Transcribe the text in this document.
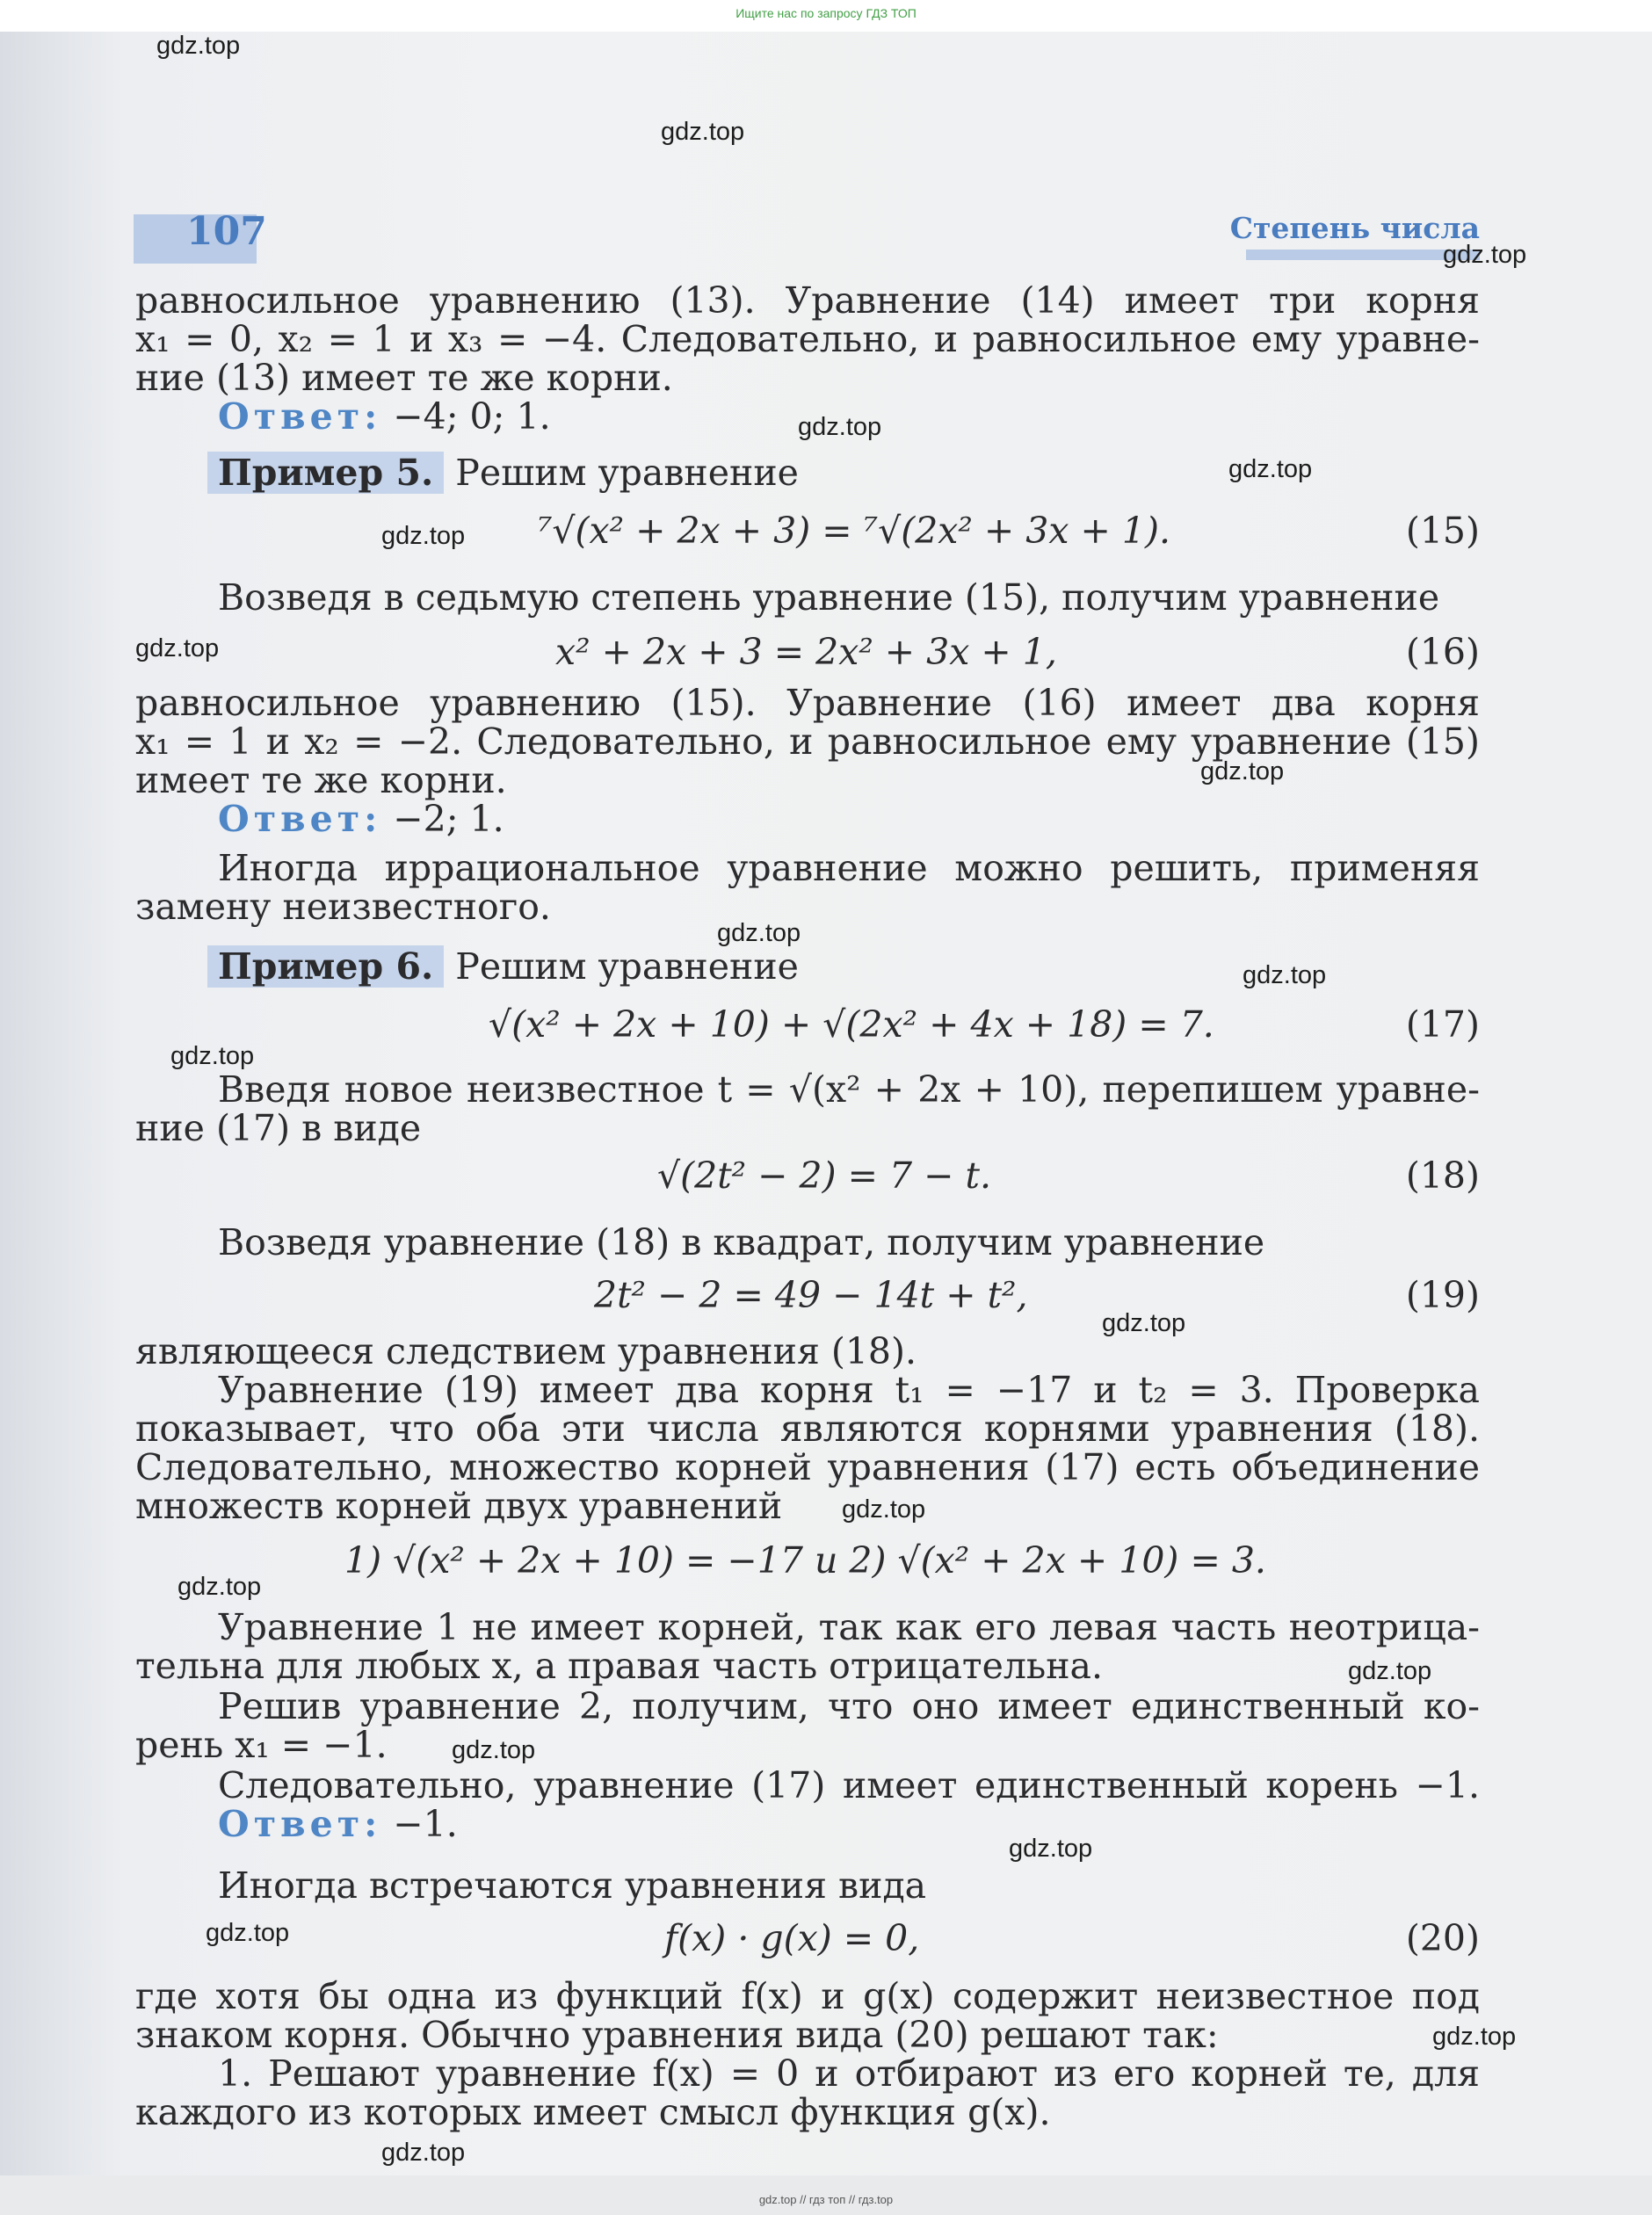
Ищите нас по запросу ГДЗ ТОП
107	Степень числа
равносильное уравнению (13). Уравнение (14) имеет три корня
x₁ = 0, x₂ = 1 и x₃ = −4. Следовательно, и равносильное ему уравне-
ние (13) имеет те же корни.
Ответ: −4; 0; 1.
Пример 5. Решим уравнение
⁷√(x² + 2x + 3) = ⁷√(2x² + 3x + 1).	(15)
Возведя в седьмую степень уравнение (15), получим уравнение
x² + 2x + 3 = 2x² + 3x + 1,	(16)
равносильное уравнению (15). Уравнение (16) имеет два корня
x₁ = 1 и x₂ = −2. Следовательно, и равносильное ему уравнение (15)
имеет те же корни.
Ответ: −2; 1.
Иногда иррациональное уравнение можно решить, применяя
замену неизвестного.
Пример 6. Решим уравнение
√(x² + 2x + 10) + √(2x² + 4x + 18) = 7.	(17)
Введя новое неизвестное t = √(x² + 2x + 10), перепишем уравне-
ние (17) в виде
√(2t² − 2) = 7 − t.	(18)
Возведя уравнение (18) в квадрат, получим уравнение
2t² − 2 = 49 − 14t + t²,	(19)
являющееся следствием уравнения (18).
Уравнение (19) имеет два корня t₁ = −17 и t₂ = 3. Проверка
показывает, что оба эти числа являются корнями уравнения (18).
Следовательно, множество корней уравнения (17) есть объединение
множеств корней двух уравнений
1) √(x² + 2x + 10) = −17 и 2) √(x² + 2x + 10) = 3.
Уравнение 1 не имеет корней, так как его левая часть неотрица-
тельна для любых x, а правая часть отрицательна.
Решив уравнение 2, получим, что оно имеет единственный ко-
рень x₁ = −1.
Следовательно, уравнение (17) имеет единственный корень −1.
Ответ: −1.
Иногда встречаются уравнения вида
f(x) · g(x) = 0,	(20)
где хотя бы одна из функций f(x) и g(x) содержит неизвестное под
знаком корня. Обычно уравнения вида (20) решают так:
1. Решают уравнение f(x) = 0 и отбирают из его корней те, для
каждого из которых имеет смысл функция g(x).
gdz.top
gdz.top
gdz.top
gdz.top
gdz.top
gdz.top
gdz.top
gdz.top
gdz.top
gdz.top
gdz.top
gdz.top
gdz.top
gdz.top
gdz.top
gdz.top
gdz.top
gdz.top
gdz.top
gdz.top
gdz.top // гдз топ // гдз.top
